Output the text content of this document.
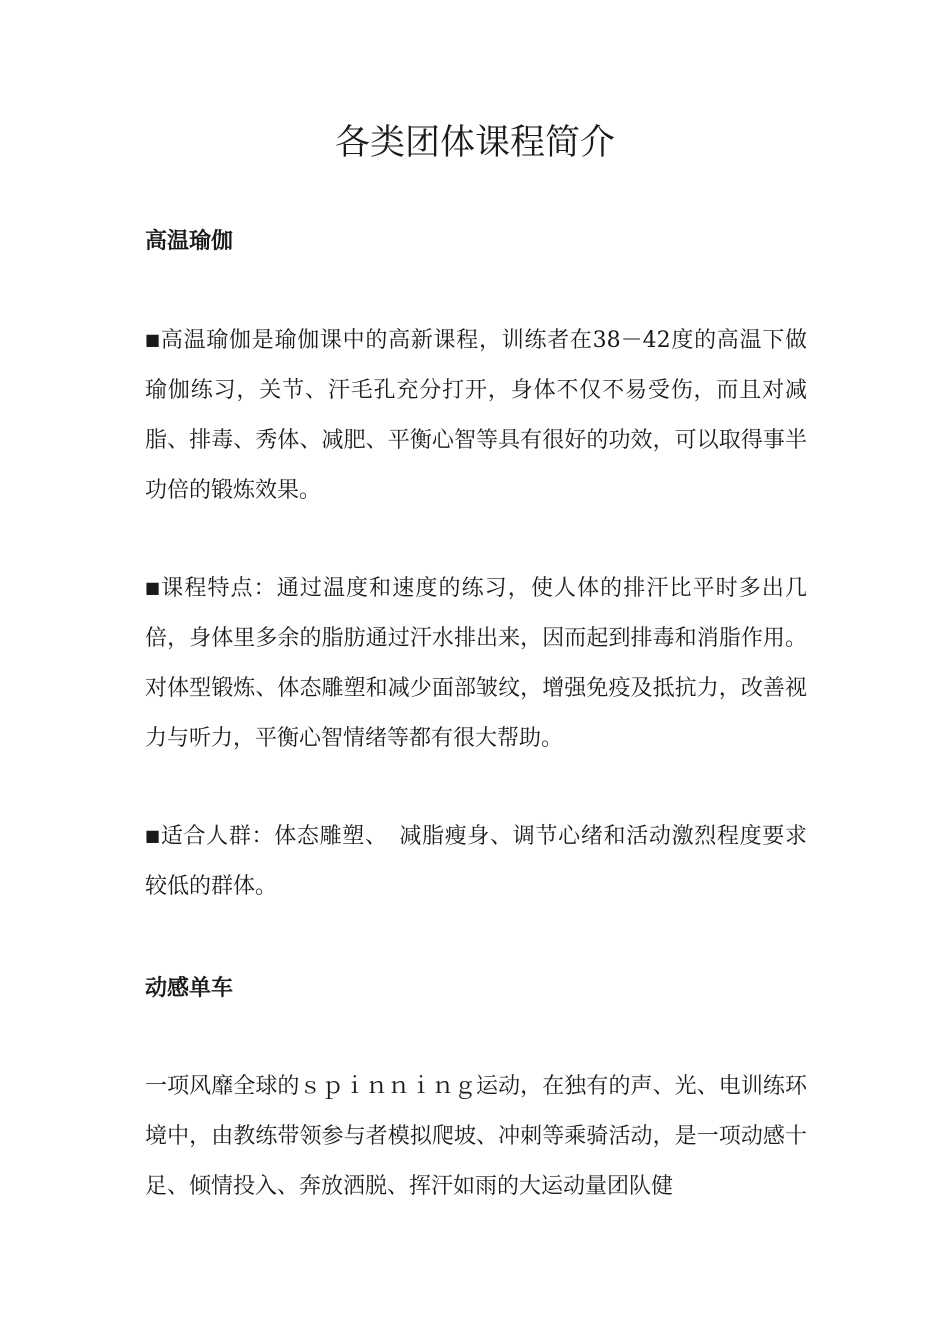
各类团体课程简介
高温瑜伽

■高温瑜伽是瑜伽课中的高新课程，训练者在38－42度的高温下做瑜伽练习，关节、汗毛孔充分打开，身体不仅不易受伤，而且对减脂、排毒、秀体、减肥、平衡心智等具有很好的功效，可以取得事半功倍的锻炼效果。

■课程特点：通过温度和速度的练习，使人体的排汗比平时多出几倍，身体里多余的脂肪通过汗水排出来，因而起到排毒和消脂作用。对体型锻炼、体态雕塑和减少面部皱纹，增强免疫及抵抗力，改善视力与听力，平衡心智情绪等都有很大帮助。

■适合人群：体态雕塑、　减脂瘦身、调节心绪和活动激烈程度要求较低的群体。

动感单车

一项风靡全球的ｓｐｉｎｎｉｎｇ运动，在独有的声、光、电训练环境中，由教练带领参与者模拟爬坡、冲刺等乘骑活动，是一项动感十足、倾情投入、奔放洒脱、挥汗如雨的大运动量团队健
